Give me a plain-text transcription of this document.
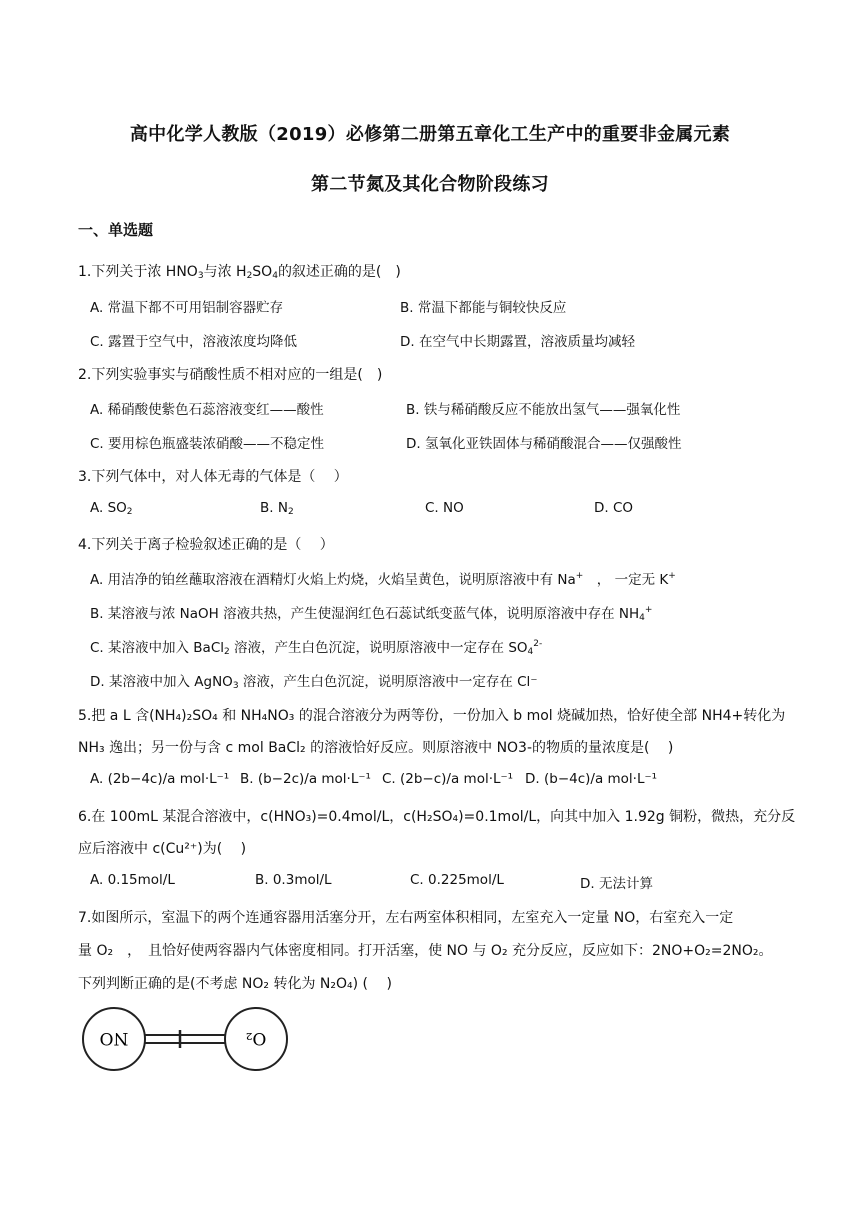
高中化学人教版（2019）必修第二册第五章化工生产中的重要非金属元素
第二节氮及其化合物阶段练习
一、单选题
1.下列关于浓 $HNO_3$与浓 $H_2SO_4$的叙述正确的是(　)
A. 常温下都不可用铝制容器贮存	B. 常温下都能与铜较快反应
C. 露置于空气中，溶液浓度均降低	D. 在空气中长期露置，溶液质量均减轻
2.下列实验事实与硝酸性质不相对应的一组是(　)
A. 稀硝酸使紫色石蕊溶液变红——酸性	B. 铁与稀硝酸反应不能放出氢气——强氧化性
C. 要用棕色瓶盛装浓硝酸——不稳定性	D. 氢氧化亚铁固体与稀硝酸混合——仅强酸性
3.下列气体中，对人体无毒的气体是（　 ）
A. $SO_2$	B. $N_2$	C. NO	D. CO
4.下列关于离子检验叙述正确的是（　 ）
A. 用洁净的铂丝蘸取溶液在酒精灯火焰上灼烧，火焰呈黄色，说明原溶液中有 Na+　， 一定无 K+
B. 某溶液与浓 NaOH 溶液共热，产生使湿润红色石蕊试纸变蓝气体，说明原溶液中存在 $NH_4^+$
C. 某溶液中加入 BaCl$_2$ 溶液，产生白色沉淀，说明原溶液中一定存在 $SO_4^{2-}$
D. 某溶液中加入 AgNO$_3$ 溶液，产生白色沉淀，说明原溶液中一定存在 Cl⁻
5.把 a L 含(NH₄)₂SO₄ 和 NH₄NO₃ 的混合溶液分为两等份，一份加入 b mol 烧碱加热，恰好使全部 NH4+转化为
NH₃ 逸出；另一份与含 c mol BaCl₂ 的溶液恰好反应。则原溶液中 NO3-的物质的量浓度是(　 )
A. (2b−4c)/a mol·L⁻¹ B. (b−2c)/a mol·L⁻¹ C. (2b−c)/a mol·L⁻¹ D. (b−4c)/a mol·L⁻¹
6.在 100mL 某混合溶液中，c(HNO₃)=0.4mol/L，c(H₂SO₄)=0.1mol/L，向其中加入 1.92g 铜粉，微热，充分反
应后溶液中 c(Cu²⁺)为(　 )
A. 0.15mol/L	B. 0.3mol/L	C. 0.225mol/L	D. 无法计算
7.如图所示，室温下的两个连通容器用活塞分开，左右两室体积相同，左室充入一定量 NO，右室充入一定
量 O₂　，　且恰好使两容器内气体密度相同。打开活塞，使 NO 与 O₂ 充分反应，反应如下：2NO+O₂=2NO₂。
下列判断正确的是(不考虑 NO₂ 转化为 N₂O₄) (　 )
NO	O₂
